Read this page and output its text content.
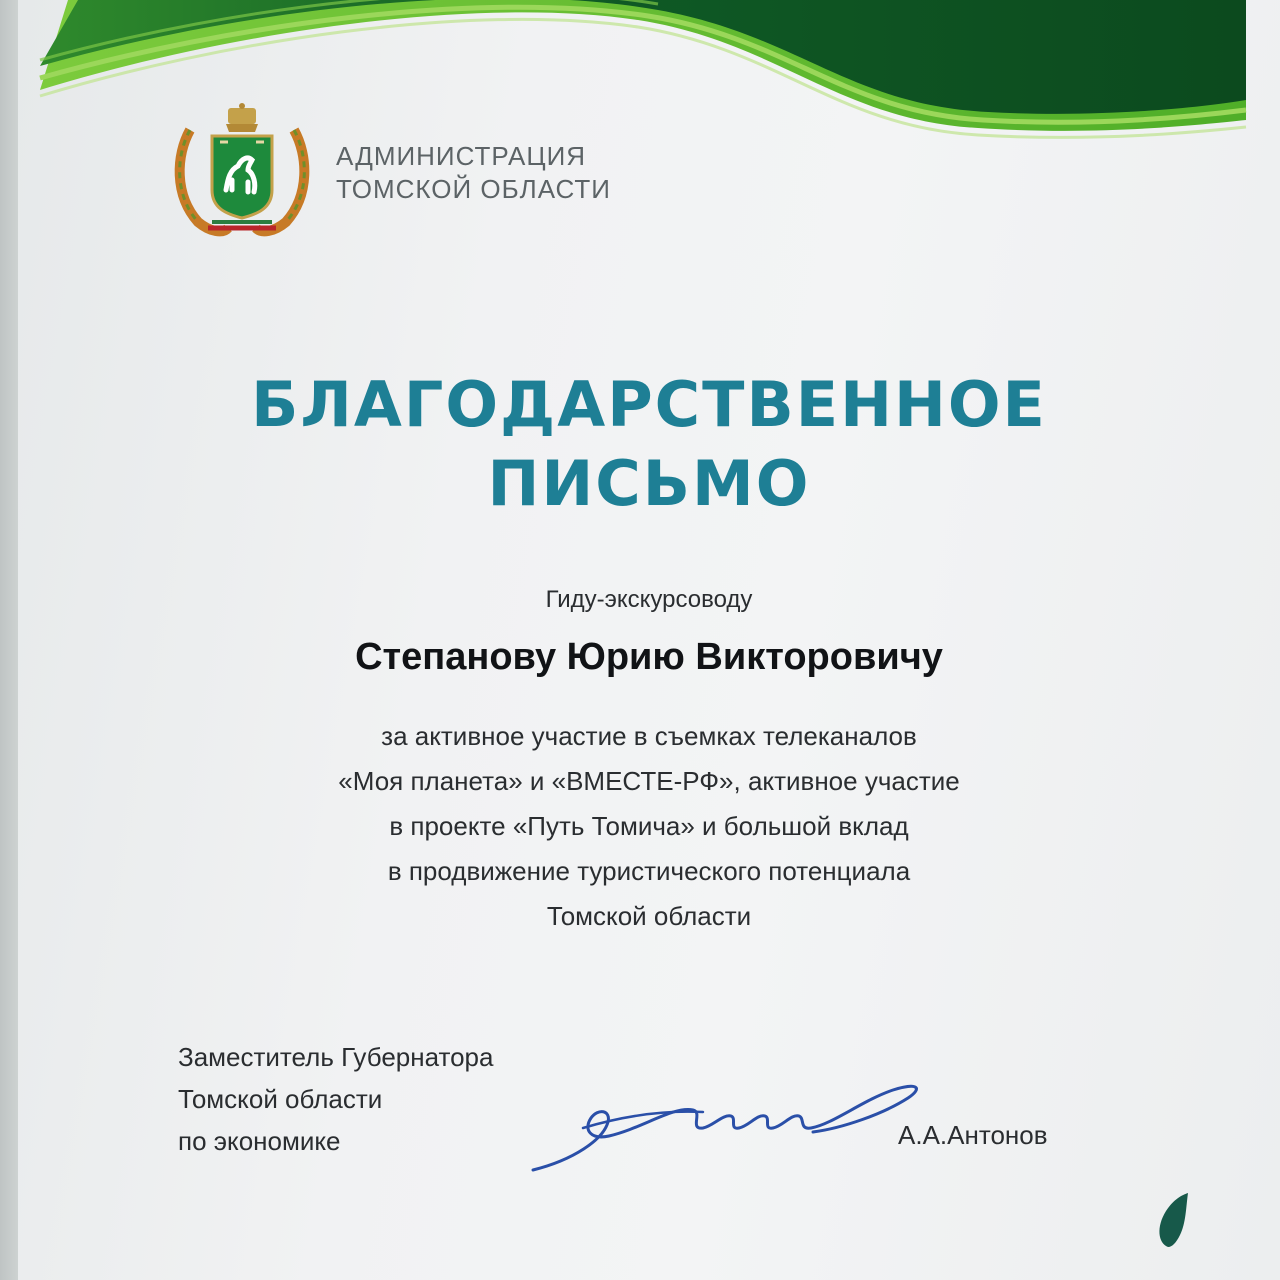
АДМИНИСТРАЦИЯ
ТОМСКОЙ ОБЛАСТИ
БЛАГОДАРСТВЕННОЕ
ПИСЬМО
Гиду-экскурсоводу
Степанову Юрию Викторовичу
за активное участие в съемках телеканалов
«Моя планета» и «ВМЕСТЕ-РФ», активное участие
в проекте «Путь Томича» и большой вклад
в продвижение туристического потенциала
Томской области
Заместитель Губернатора
Томской области
по экономике	А.А.Антонов
